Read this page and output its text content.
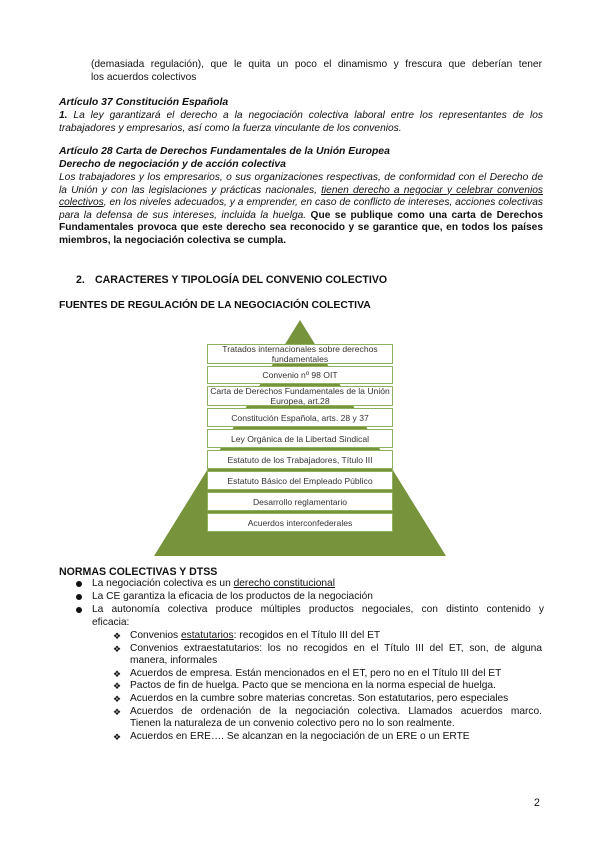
(demasiada regulación), que le quita un poco el dinamismo y frescura que deberían tener
los acuerdos colectivos
Artículo 37 Constitución Española
1. La ley garantizará el derecho a la negociación colectiva laboral entre los representantes de los trabajadores y empresarios, así como la fuerza vinculante de los convenios.
Artículo 28 Carta de Derechos Fundamentales de la Unión Europea
Derecho de negociación y de acción colectiva
Los trabajadores y los empresarios, o sus organizaciones respectivas, de conformidad con el Derecho de la Unión y con las legislaciones y prácticas nacionales, tienen derecho a negociar y celebrar convenios colectivos, en los niveles adecuados, y a emprender, en caso de conflicto de intereses, acciones colectivas para la defensa de sus intereses, incluida la huelga. Que se publique como una carta de Derechos Fundamentales provoca que este derecho sea reconocido y se garantice que, en todos los países miembros, la negociación colectiva se cumpla.
2. CARACTERES Y TIPOLOGÍA DEL CONVENIO COLECTIVO
FUENTES DE REGULACIÓN DE LA NEGOCIACIÓN COLECTIVA
Tratados internacionales sobre derechos fundamentales
Convenio nº 98 OIT
Carta de Derechos Fundamentales de la Unión Europea, art.28
Constitución Española, arts. 28 y 37
Ley Orgánica de la Libertad Sindical
Estatuto de los Trabajadores, Título III
Estatuto Básico del Empleado Público
Desarrollo reglamentario
Acuerdos interconfederales
NORMAS COLECTIVAS Y DTSS
La negociación colectiva es un derecho constitucional
La CE garantiza la eficacia de los productos de la negociación
La autonomía colectiva produce múltiples productos negociales, con distinto contenido y
eficacia:
❖ Convenios estatutarios: recogidos en el Título III del ET
❖ Convenios extraestatutarios: los no recogidos en el Título III del ET, son, de alguna
manera, informales
❖ Acuerdos de empresa. Están mencionados en el ET, pero no en el Título III del ET
❖ Pactos de fin de huelga. Pacto que se menciona en la norma especial de huelga.
❖ Acuerdos en la cumbre sobre materias concretas. Son estatutarios, pero especiales
❖ Acuerdos de ordenación de la negociación colectiva. Llamados acuerdos marco.
Tienen la naturaleza de un convenio colectivo pero no lo son realmente.
❖ Acuerdos en ERE…. Se alcanzan en la negociación de un ERE o un ERTE
2
